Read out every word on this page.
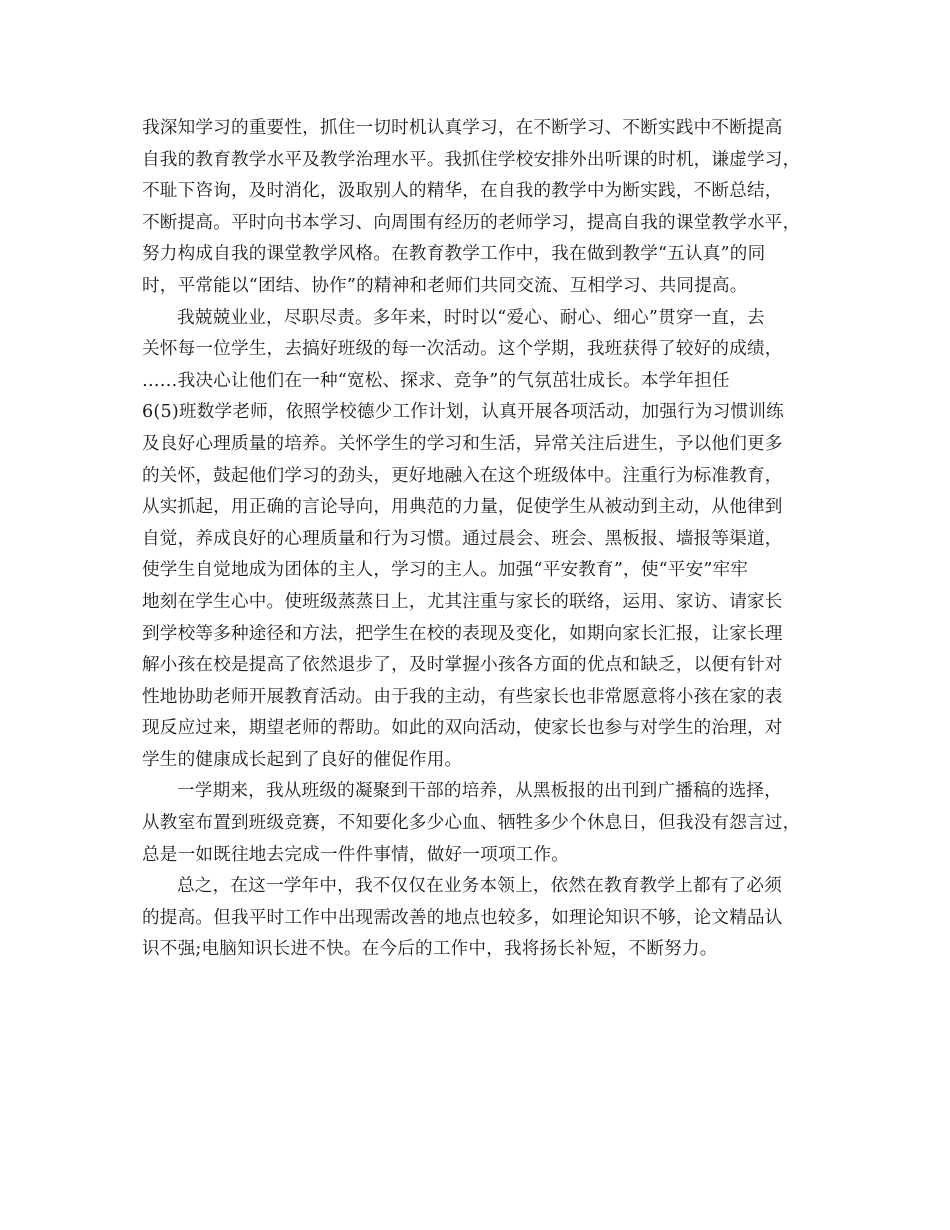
我深知学习的重要性，抓住一切时机认真学习，在不断学习、不断实践中不断提高
自我的教育教学水平及教学治理水平。我抓住学校安排外出听课的时机，谦虚学习，
不耻下咨询，及时消化，汲取别人的精华，在自我的教学中为断实践，不断总结，
不断提高。平时向书本学习、向周围有经历的老师学习，提高自我的课堂教学水平，
努力构成自我的课堂教学风格。在教育教学工作中，我在做到教学“五认真”的同
时，平常能以“团结、协作”的精神和老师们共同交流、互相学习、共同提高。
我兢兢业业，尽职尽责。多年来，时时以“爱心、耐心、细心”贯穿一直，去
关怀每一位学生，去搞好班级的每一次活动。这个学期，我班获得了较好的成绩，
……我决心让他们在一种“宽松、探求、竞争”的气氛茁壮成长。本学年担任
6(5)班数学老师，依照学校德少工作计划，认真开展各项活动，加强行为习惯训练
及良好心理质量的培养。关怀学生的学习和生活，异常关注后进生，予以他们更多
的关怀，鼓起他们学习的劲头，更好地融入在这个班级体中。注重行为标准教育，
从实抓起，用正确的言论导向，用典范的力量，促使学生从被动到主动，从他律到
自觉，养成良好的心理质量和行为习惯。通过晨会、班会、黑板报、墙报等渠道，
使学生自觉地成为团体的主人，学习的主人。加强“平安教育”，使“平安”牢牢
地刻在学生心中。使班级蒸蒸日上，尤其注重与家长的联络，运用、家访、请家长
到学校等多种途径和方法，把学生在校的表现及变化，如期向家长汇报，让家长理
解小孩在校是提高了依然退步了，及时掌握小孩各方面的优点和缺乏，以便有针对
性地协助老师开展教育活动。由于我的主动，有些家长也非常愿意将小孩在家的表
现反应过来，期望老师的帮助。如此的双向活动，使家长也参与对学生的治理，对
学生的健康成长起到了良好的催促作用。
一学期来，我从班级的凝聚到干部的培养，从黑板报的出刊到广播稿的选择，
从教室布置到班级竞赛，不知要化多少心血、牺牲多少个休息日，但我没有怨言过，
总是一如既往地去完成一件件事情，做好一项项工作。
总之，在这一学年中，我不仅仅在业务本领上，依然在教育教学上都有了必须
的提高。但我平时工作中出现需改善的地点也较多，如理论知识不够，论文精品认
识不强;电脑知识长进不快。在今后的工作中，我将扬长补短，不断努力。
